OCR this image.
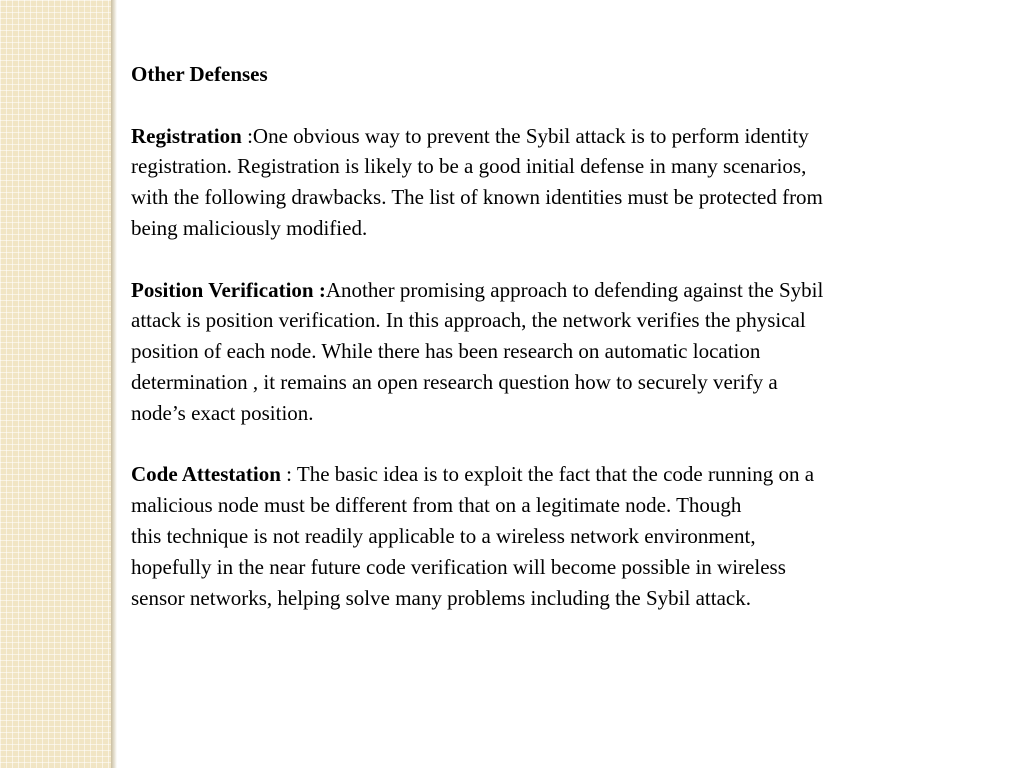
Other Defenses

Registration :One obvious way to prevent the Sybil attack is to perform identity
registration. Registration is likely to be a good initial defense in many scenarios,
with the following drawbacks. The list of known identities must be protected from
being maliciously modified.

Position Verification :Another promising approach to defending against the Sybil
attack is position verification. In this approach, the network verifies the physical
position of each node. While there has been research on automatic location
determination , it remains an open research question how to securely verify a
node’s exact position.

Code Attestation : The basic idea is to exploit the fact that the code running on a
malicious node must be different from that on a legitimate node. Though
this technique is not readily applicable to a wireless network environment,
hopefully in the near future code verification will become possible in wireless
sensor networks, helping solve many problems including the Sybil attack.
